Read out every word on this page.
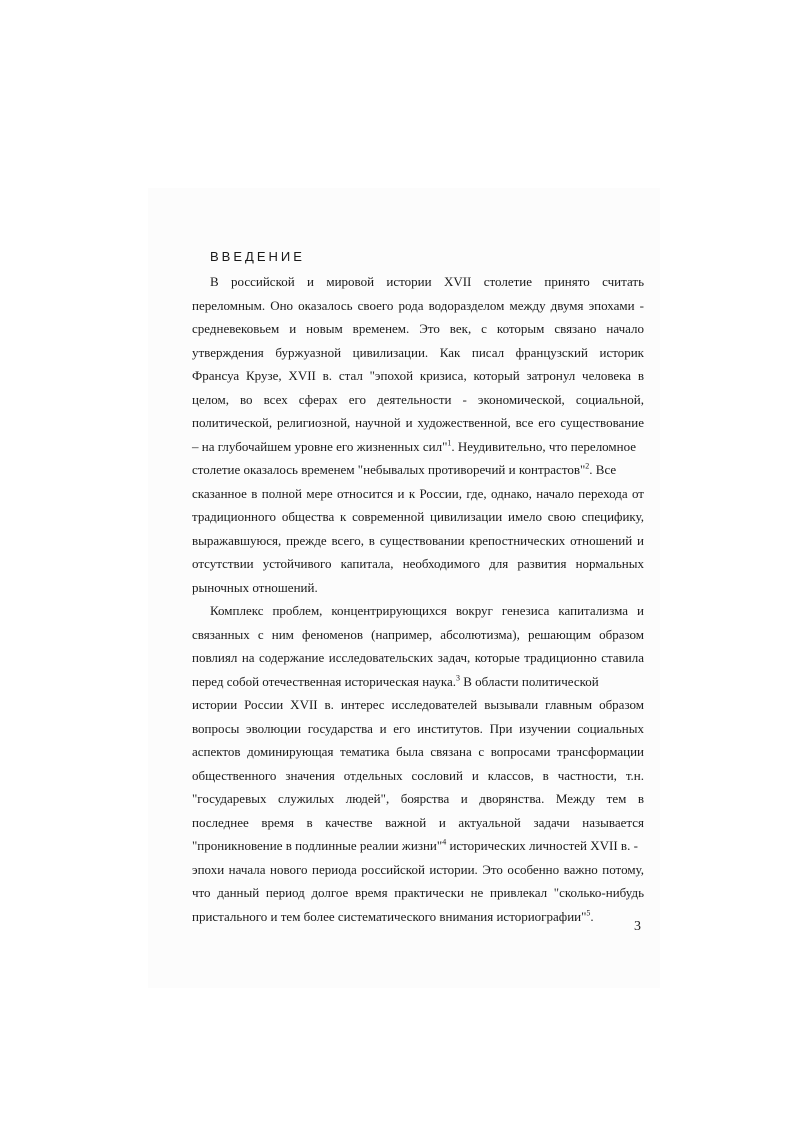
ВВЕДЕНИЕ

В российской и мировой истории XVII столетие принято считать
переломным. Оно оказалось своего рода водоразделом между двумя эпохами -
средневековьем и новым временем. Это век, с которым связано начало
утверждения буржуазной цивилизации. Как писал французский историк
Франсуа Крузе, XVII в. стал "эпохой кризиса, который затронул человека в
целом, во всех сферах его деятельности - экономической, социальной,
политической, религиозной, научной и художественной, все его существование
– на глубочайшем уровне его жизненных сил"$^1$. Неудивительно, что переломное
столетие оказалось временем "небывалых противоречий и контрастов"$^2$. Все
сказанное в полной мере относится и к России, где, однако, начало перехода от
традиционного общества к современной цивилизации имело свою специфику,
выражавшуюся, прежде всего, в существовании крепостнических отношений и
отсутствии устойчивого капитала, необходимого для развития нормальных
рыночных отношений.

Комплекс проблем, концентрирующихся вокруг генезиса капитализма и
связанных с ним феноменов (например, абсолютизма), решающим образом
повлиял на содержание исследовательских задач, которые традиционно ставила
перед собой отечественная историческая наука.$^3$ В области политической
истории России XVII в. интерес исследователей вызывали главным образом
вопросы эволюции государства и его институтов. При изучении социальных
аспектов доминирующая тематика была связана с вопросами трансформации
общественного значения отдельных сословий и классов, в частности, т.н.
"государевых служилых людей", боярства и дворянства. Между тем в
последнее время в качестве важной и актуальной задачи называется
"проникновение в подлинные реалии жизни"$^4$ исторических личностей XVII в. -
эпохи начала нового периода российской истории. Это особенно важно потому,
что данный период долгое время практически не привлекал "сколько-нибудь
пристального и тем более систематического внимания историографии"$^5$.

3
